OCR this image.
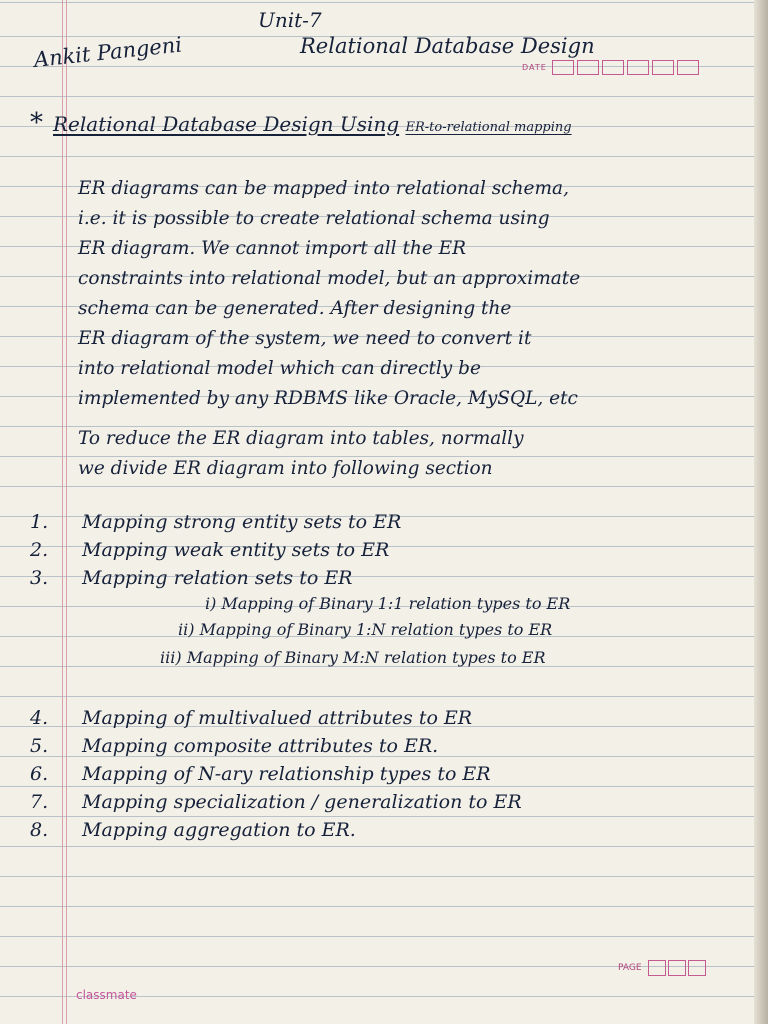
Unit-7
Relational Database Design
Ankit Pangeni	DATE
* Relational Database Design Using ER-to-relational mapping
ER diagrams can be mapped into relational schema,
i.e. it is possible to create relational schema using
ER diagram. We cannot import all the ER
constraints into relational model, but an approximate
schema can be generated. After designing the
ER diagram of the system, we need to convert it
into relational model which can directly be
implemented by any RDBMS like Oracle, MySQL, etc
To reduce the ER diagram into tables, normally
we divide ER diagram into following section
1. Mapping strong entity sets to ER
2. Mapping weak entity sets to ER
3. Mapping relation sets to ER
i) Mapping of Binary 1:1 relation types to ER
ii) Mapping of Binary 1:N relation types to ER
iii) Mapping of Binary M:N relation types to ER
4. Mapping of multivalued attributes to ER
5. Mapping composite attributes to ER.
6. Mapping of N-ary relationship types to ER
7. Mapping specialization / generalization to ER
8. Mapping aggregation to ER.
PAGE
classmate
